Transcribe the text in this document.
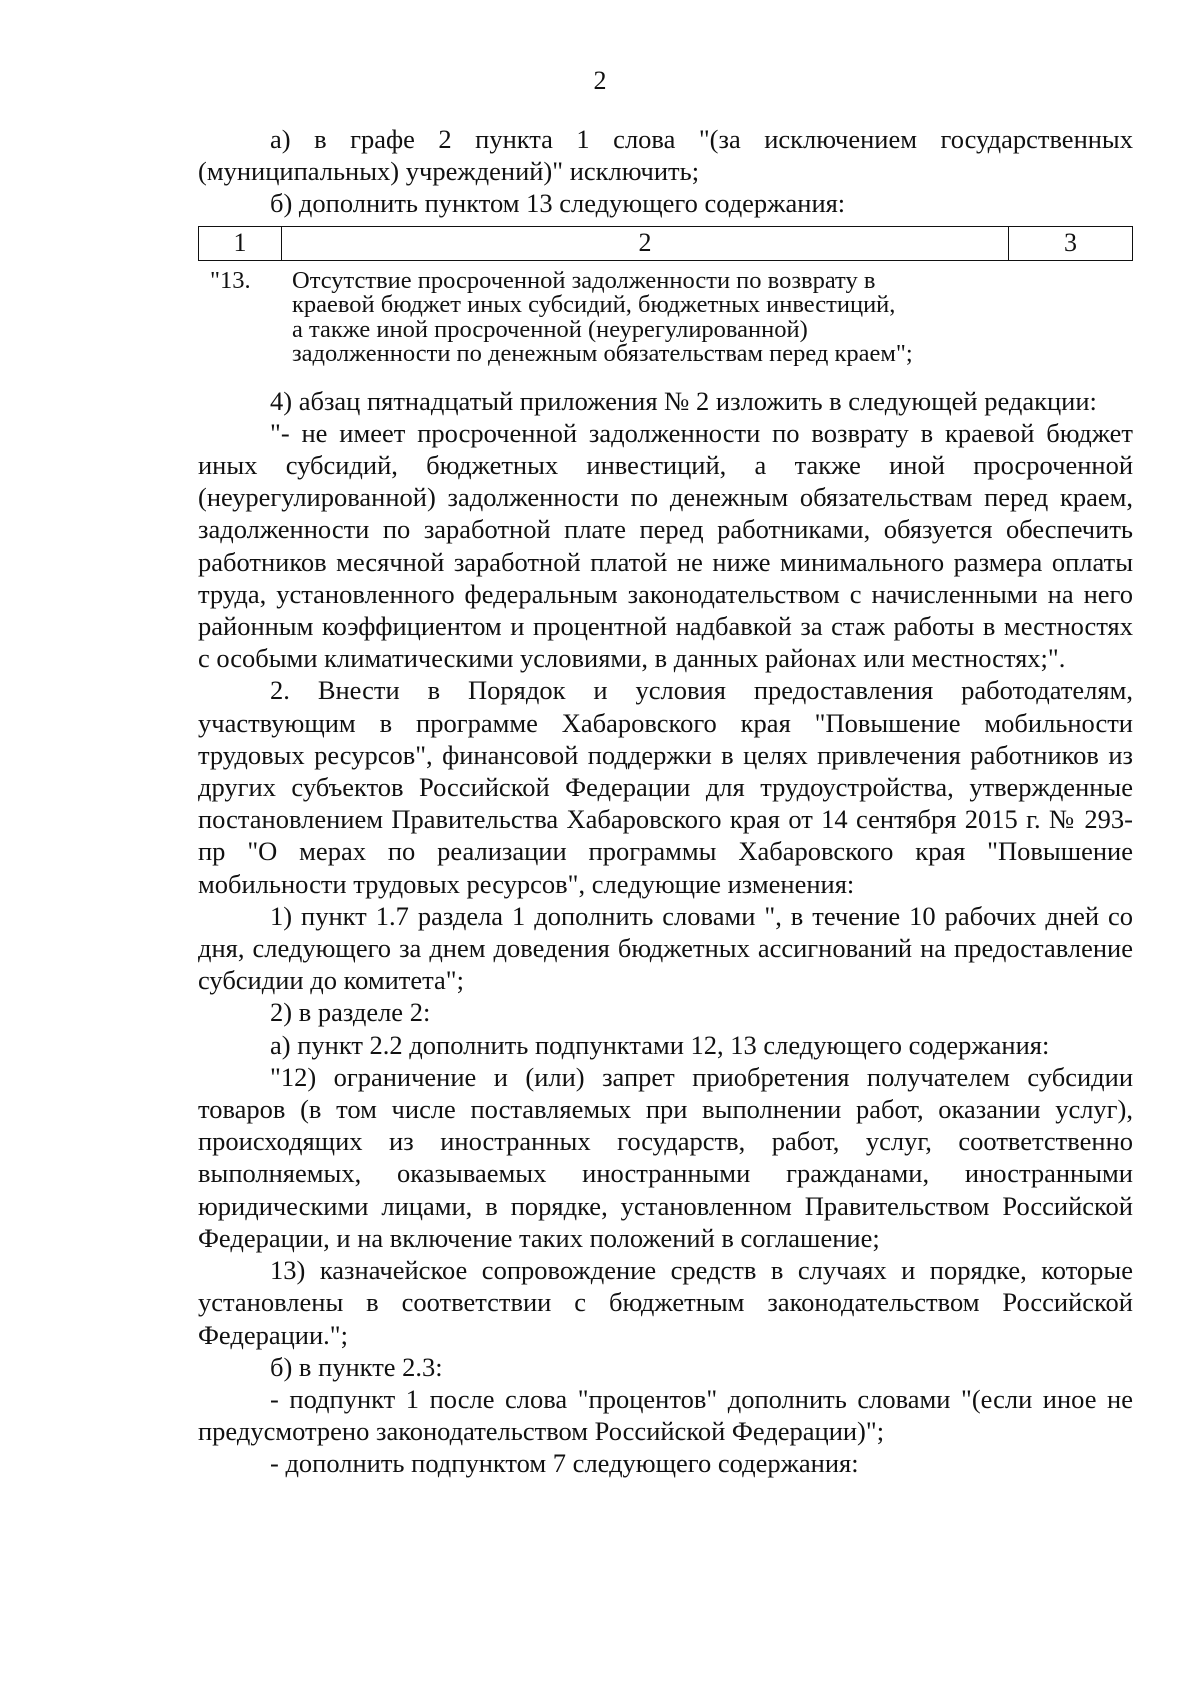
2

а) в графе 2 пункта 1 слова "(за исключением государственных (муниципальных) учреждений)" исключить;

б) дополнить пунктом 13 следующего содержания:

1	2	3
"13.	Отсутствие просроченной задолженности по возврату в
краевой бюджет иных субсидий, бюджетных инвестиций,
а также иной просроченной (неурегулированной)
задолженности по денежным обязательствам перед краем";

4) абзац пятнадцатый приложения № 2 изложить в следующей редакции:

"- не имеет просроченной задолженности по возврату в краевой бюджет иных субсидий, бюджетных инвестиций, а также иной просроченной (неурегулированной) задолженности по денежным обязательствам перед краем, задолженности по заработной плате перед работниками, обязуется обеспечить работников месячной заработной платой не ниже минимального размера оплаты труда, установленного федеральным законодательством с начисленными на него районным коэффициентом и процентной надбавкой за стаж работы в местностях с особыми климатическими условиями, в данных районах или местностях;".

2. Внести в Порядок и условия предоставления работодателям, участвующим в программе Хабаровского края "Повышение мобильности трудовых ресурсов", финансовой поддержки в целях привлечения работников из других субъектов Российской Федерации для трудоустройства, утвержденные постановлением Правительства Хабаровского края от 14 сентября 2015 г. № 293-пр "О мерах по реализации программы Хабаровского края "Повышение мобильности трудовых ресурсов", следующие изменения:

1) пункт 1.7 раздела 1 дополнить словами ", в течение 10 рабочих дней со дня, следующего за днем доведения бюджетных ассигнований на предоставление субсидии до комитета";

2) в разделе 2:

а) пункт 2.2 дополнить подпунктами 12, 13 следующего содержания:

"12) ограничение и (или) запрет приобретения получателем субсидии товаров (в том числе поставляемых при выполнении работ, оказании услуг), происходящих из иностранных государств, работ, услуг, соответственно выполняемых, оказываемых иностранными гражданами, иностранными юридическими лицами, в порядке, установленном Правительством Российской Федерации, и на включение таких положений в соглашение;

13) казначейское сопровождение средств в случаях и порядке, которые установлены в соответствии с бюджетным законодательством Российской Федерации.";

б) в пункте 2.3:

- подпункт 1 после слова "процентов" дополнить словами "(если иное не предусмотрено законодательством Российской Федерации)";

- дополнить подпунктом 7 следующего содержания:
